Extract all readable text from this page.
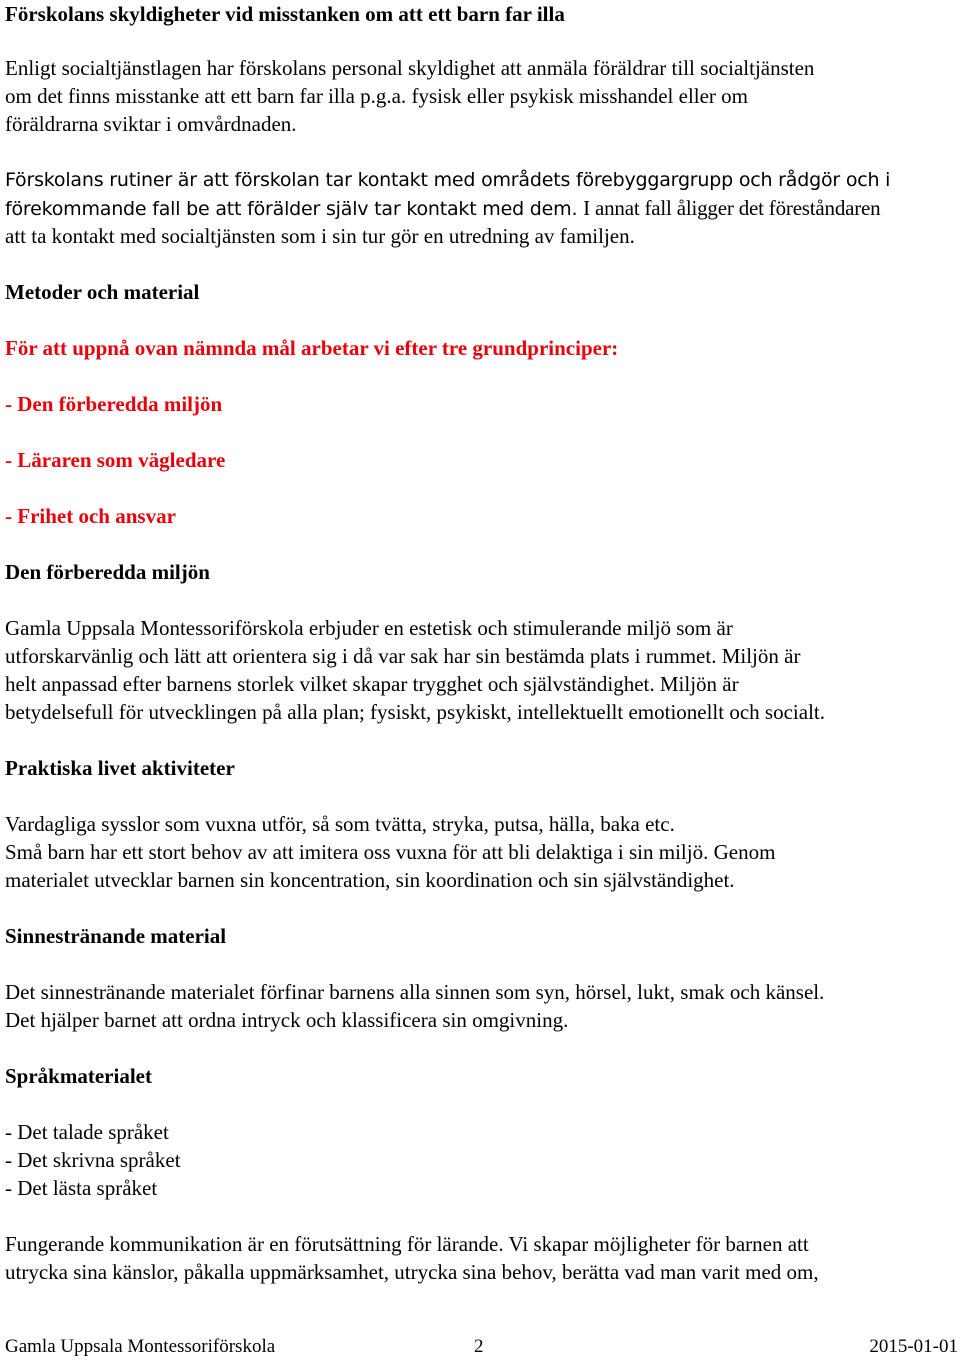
Förskolans skyldigheter vid misstanken om att ett barn far illa
Enligt socialtjänstlagen har förskolans personal skyldighet att anmäla föräldrar till socialtjänsten
om det finns misstanke att ett barn far illa p.g.a. fysisk eller psykisk misshandel eller om
föräldrarna sviktar i omvårdnaden.
Förskolans rutiner är att förskolan tar kontakt med områdets förebyggargrupp och rådgör och i
förekommande fall be att förälder själv tar kontakt med dem. I annat fall åligger det föreståndaren
att ta kontakt med socialtjänsten som i sin tur gör en utredning av familjen.
Metoder och material
För att uppnå ovan nämnda mål arbetar vi efter tre grundprinciper:
- Den förberedda miljön
- Läraren som vägledare
- Frihet och ansvar
Den förberedda miljön
Gamla Uppsala Montessoriförskola erbjuder en estetisk och stimulerande miljö som är
utforskarvänlig och lätt att orientera sig i då var sak har sin bestämda plats i rummet. Miljön är
helt anpassad efter barnens storlek vilket skapar trygghet och självständighet. Miljön är
betydelsefull för utvecklingen på alla plan; fysiskt, psykiskt, intellektuellt emotionellt och socialt.
Praktiska livet aktiviteter
Vardagliga sysslor som vuxna utför, så som tvätta, stryka, putsa, hälla, baka etc.
Små barn har ett stort behov av att imitera oss vuxna för att bli delaktiga i sin miljö. Genom
materialet utvecklar barnen sin koncentration, sin koordination och sin självständighet.
Sinnestränande material
Det sinnestränande materialet förfinar barnens alla sinnen som syn, hörsel, lukt, smak och känsel.
Det hjälper barnet att ordna intryck och klassificera sin omgivning.
Språkmaterialet
- Det talade språket
- Det skrivna språket
- Det lästa språket
Fungerande kommunikation är en förutsättning för lärande. Vi skapar möjligheter för barnen att
utrycka sina känslor, påkalla uppmärksamhet, utrycka sina behov, berätta vad man varit med om,
Gamla Uppsala Montessoriförskola	2	2015-01-01
